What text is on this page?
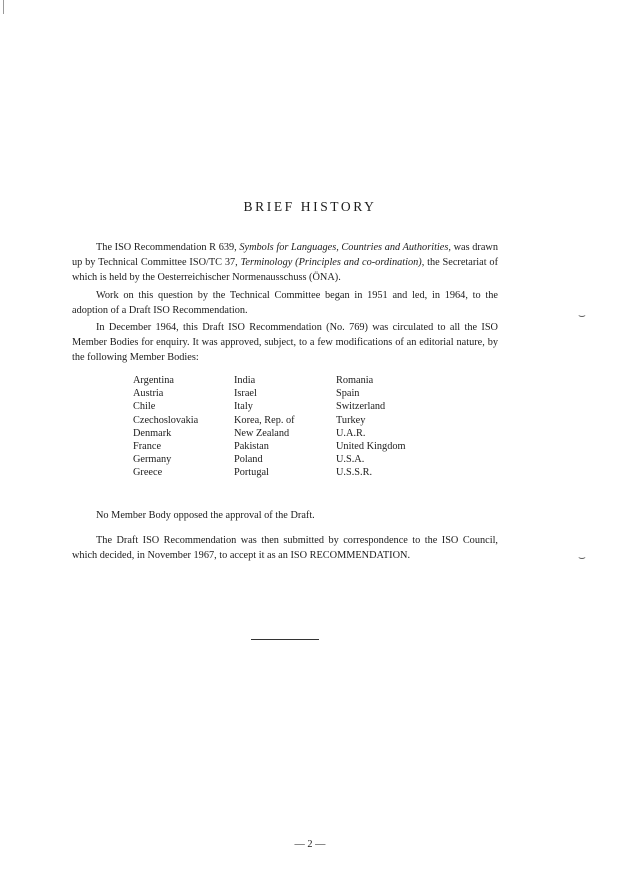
BRIEF HISTORY

The ISO Recommendation R 639, Symbols for Languages, Countries and Authorities, was drawn up by Technical Committee ISO/TC 37, Terminology (Principles and co-ordination), the Secretariat of which is held by the Oesterreichischer Normenausschuss (ÖNA).

Work on this question by the Technical Committee began in 1951 and led, in 1964, to the adoption of a Draft ISO Recommendation.

In December 1964, this Draft ISO Recommendation (No. 769) was circulated to all the ISO Member Bodies for enquiry. It was approved, subject, to a few modifications of an editorial nature, by the following Member Bodies:

Argentina
Austria
Chile
Czechoslovakia
Denmark
France
Germany
Greece
India
Israel
Italy
Korea, Rep. of
New Zealand
Pakistan
Poland
Portugal
Romania
Spain
Switzerland
Turkey
U.A.R.
United Kingdom
U.S.A.
U.S.S.R.

No Member Body opposed the approval of the Draft.

The Draft ISO Recommendation was then submitted by correspondence to the ISO Council, which decided, in November 1967, to accept it as an ISO RECOMMENDATION.

— 2 —
⌣
⌣
